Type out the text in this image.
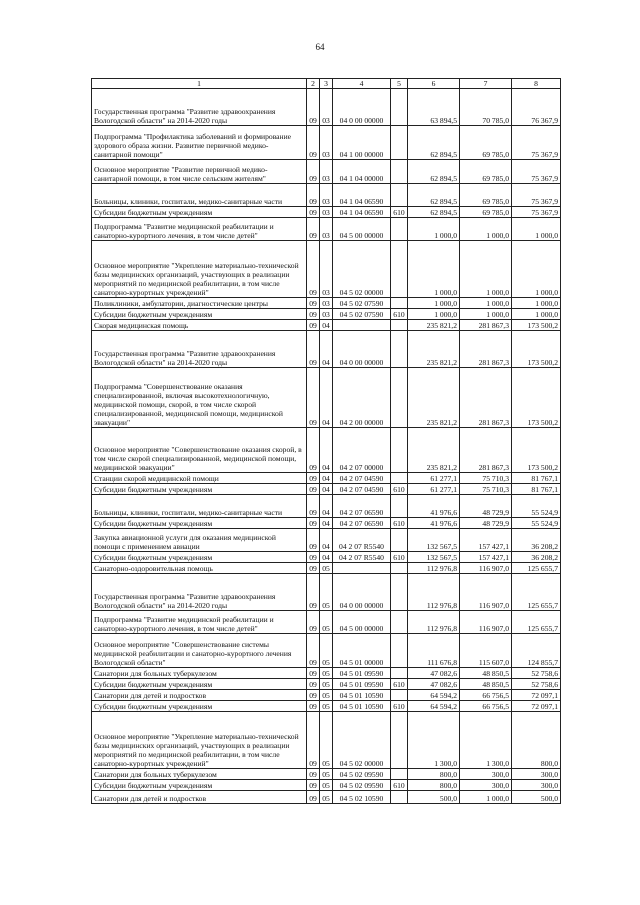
64
1	2	3	4	5	6	7	8
Государственная программа "Развитие здравоохранения Вологодской области" на 2014-2020 годы	09	03	04 0 00 00000		63 894,5	70 785,0	76 367,9
Подпрограмма "Профилактика заболеваний и формирование здорового образа жизни. Развитие первичной медико-санитарной помощи"	09	03	04 1 00 00000		62 894,5	69 785,0	75 367,9
Основное мероприятие "Развитие первичной медико-санитарной помощи, в том числе сельским жителям"	09	03	04 1 04 00000		62 894,5	69 785,0	75 367,9
Больницы, клиники, госпитали, медико-санитарные части	09	03	04 1 04 06590		62 894,5	69 785,0	75 367,9
Субсидии бюджетным учреждениям	09	03	04 1 04 06590	610	62 894,5	69 785,0	75 367,9
Подпрограмма "Развитие медицинской реабилитации и санаторно-курортного лечения, в том числе детей"	09	03	04 5 00 00000		1 000,0	1 000,0	1 000,0
Основное мероприятие "Укрепление материально-технической базы медицинских организаций, участвующих в реализации мероприятий по медицинской реабилитации, в том числе санаторно-курортных учреждений"	09	03	04 5 02 00000		1 000,0	1 000,0	1 000,0
Поликлиники, амбулатории, диагностические центры	09	03	04 5 02 07590		1 000,0	1 000,0	1 000,0
Субсидии бюджетным учреждениям	09	03	04 5 02 07590	610	1 000,0	1 000,0	1 000,0
Скорая медицинская помощь	09	04			235 821,2	281 867,3	173 500,2
Государственная программа "Развитие здравоохранения Вологодской области" на 2014-2020 годы	09	04	04 0 00 00000		235 821,2	281 867,3	173 500,2
Подпрограмма "Совершенствование оказания специализированной, включая высокотехнологичную, медицинской помощи, скорой, в том числе скорой специализированной, медицинской помощи, медицинской эвакуации"	09	04	04 2 00 00000		235 821,2	281 867,3	173 500,2
Основное мероприятие "Совершенствование оказания скорой, в том числе скорой специализированной, медицинской помощи, медицинской эвакуации"	09	04	04 2 07 00000		235 821,2	281 867,3	173 500,2
Станции скорой медицинской помощи	09	04	04 2 07 04590		61 277,1	75 710,3	81 767,1
Субсидии бюджетным учреждениям	09	04	04 2 07 04590	610	61 277,1	75 710,3	81 767,1
Больницы, клиники, госпитали, медико-санитарные части	09	04	04 2 07 06590		41 976,6	48 729,9	55 524,9
Субсидии бюджетным учреждениям	09	04	04 2 07 06590	610	41 976,6	48 729,9	55 524,9
Закупка авиационной услуги для оказания медицинской помощи с применением авиации	09	04	04 2 07 R5540		132 567,5	157 427,1	36 208,2
Субсидии бюджетным учреждениям	09	04	04 2 07 R5540	610	132 567,5	157 427,1	36 208,2
Санаторно-оздоровительная помощь	09	05			112 976,8	116 907,0	125 655,7
Государственная программа "Развитие здравоохранения Вологодской области" на 2014-2020 годы	09	05	04 0 00 00000		112 976,8	116 907,0	125 655,7
Подпрограмма "Развитие медицинской реабилитации и санаторно-курортного лечения, в том числе детей"	09	05	04 5 00 00000		112 976,8	116 907,0	125 655,7
Основное мероприятие "Совершенствование системы медицинской реабилитации и санаторно-курортного лечения Вологодской области"	09	05	04 5 01 00000		111 676,8	115 607,0	124 855,7
Санатории для больных туберкулезом	09	05	04 5 01 09590		47 082,6	48 850,5	52 758,6
Субсидии бюджетным учреждениям	09	05	04 5 01 09590	610	47 082,6	48 850,5	52 758,6
Санатории для детей и подростков	09	05	04 5 01 10590		64 594,2	66 756,5	72 097,1
Субсидии бюджетным учреждениям	09	05	04 5 01 10590	610	64 594,2	66 756,5	72 097,1
Основное мероприятие "Укрепление материально-технической базы медицинских организаций, участвующих в реализации мероприятий по медицинской реабилитации, в том числе санаторно-курортных учреждений"	09	05	04 5 02 00000		1 300,0	1 300,0	800,0
Санатории для больных туберкулезом	09	05	04 5 02 09590		800,0	300,0	300,0
Субсидии бюджетным учреждениям	09	05	04 5 02 09590	610	800,0	300,0	300,0
Санатории для детей и подростков	09	05	04 5 02 10590		500,0	1 000,0	500,0
